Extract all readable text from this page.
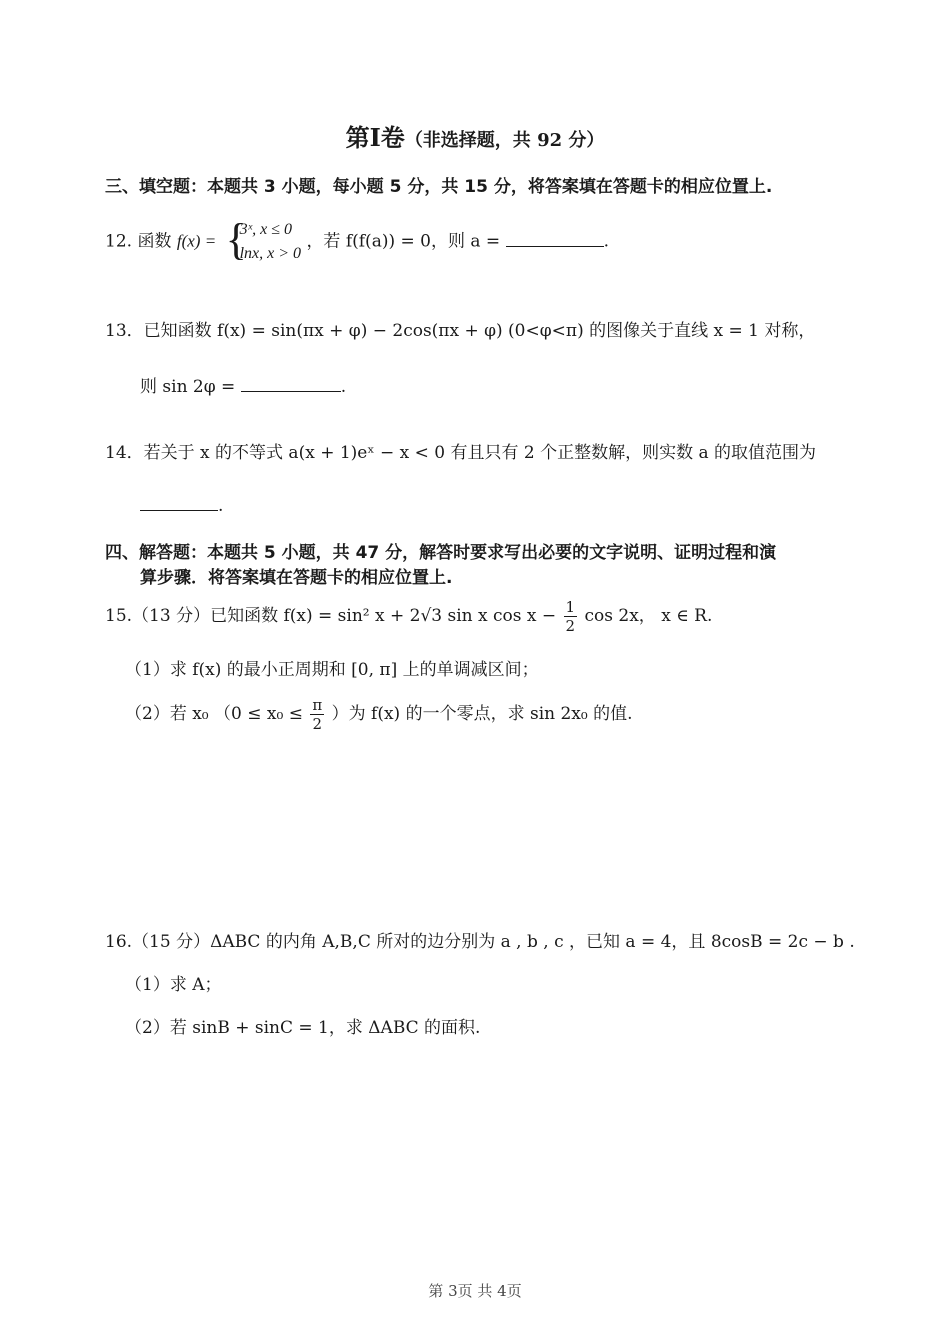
第Ⅰ卷（非选择题，共 92 分）
三、填空题：本题共 3 小题，每小题 5 分，共 15 分，将答案填在答题卡的相应位置上.
12. 函数 f(x) = {
3ˣ, x ≤ 0
lnx, x > 0
，若 f(f(a)) = 0，则 a =	.
13．已知函数 f(x) = sin(πx + φ) − 2cos(πx + φ) (0<φ<π) 的图像关于直线 x = 1 对称，
则 sin 2φ =	.
14．若关于 x 的不等式 a(x + 1)eˣ − x < 0 有且只有 2 个正整数解，则实数 a 的取值范围为
.
四、解答题：本题共 5 小题，共 47 分，解答时要求写出必要的文字说明、证明过程和演
算步骤．将答案填在答题卡的相应位置上.
15.（13 分）已知函数 f(x) = sin² x + 2√3 sin x $\cos x - \frac{1}{2}$ cos 2x， x ∈ R.
（1）求 f(x) 的最小正周期和 [0, π] 上的单调减区间；
（2）若 x₀ （$0 \le x_0 \le \frac{\pi}{2}$ ）为 f(x) 的一个零点，求 sin 2x₀ 的值.
16.（15 分）ΔABC 的内角 A,B,C 所对的边分别为 a , b , c ，已知 a = 4，且 8cosB = 2c − b .
（1）求 A；
（2）若 sinB + sinC = 1，求 ΔABC 的面积.
第 3页 共 4页
